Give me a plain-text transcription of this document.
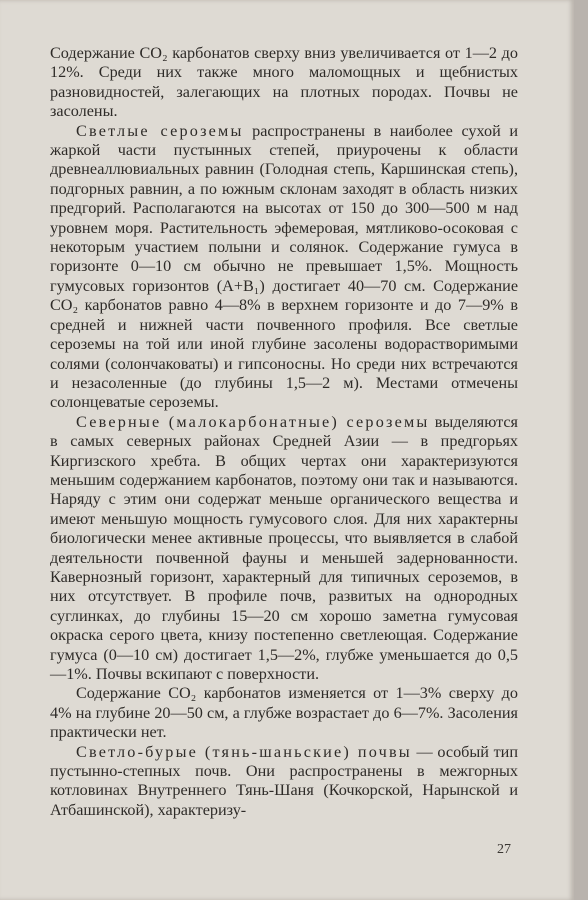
Содержание CO₂ карбонатов сверху вниз увеличивается от 1—2 до 12%. Среди них также много маломощных и щебнистых разновидностей, залегающих на плотных породах. Почвы не засолены.

Светлые сероземы распространены в наиболее сухой и жаркой части пустынных степей, приурочены к области древнеаллювиальных равнин (Голодная степь, Каршинская степь), подгорных равнин, а по южным склонам заходят в область низких предгорий. Располагаются на высотах от 150 до 300—500 м над уровнем моря. Растительность эфемеровая, мятликово-осоковая с некоторым участием полыни и солянок. Содержание гумуса в горизонте 0—10 см обычно не превышает 1,5%. Мощность гумусовых горизонтов (A+B₁) достигает 40—70 см. Содержание CO₂ карбонатов равно 4—8% в верхнем горизонте и до 7—9% в средней и нижней части почвенного профиля. Все светлые сероземы на той или иной глубине засолены водорастворимыми солями (солончаковаты) и гипсоносны. Но среди них встречаются и незасоленные (до глубины 1,5—2 м). Местами отмечены солонцеватые сероземы.

Северные (малокарбонатные) сероземы выделяются в самых северных районах Средней Азии — в предгорьях Киргизского хребта. В общих чертах они характеризуются меньшим содержанием карбонатов, поэтому они так и называются. Наряду с этим они содержат меньше органического вещества и имеют меньшую мощность гумусового слоя. Для них характерны биологически менее активные процессы, что выявляется в слабой деятельности почвенной фауны и меньшей задернованности. Кавернозный горизонт, характерный для типичных сероземов, в них отсутствует. В профиле почв, развитых на однородных суглинках, до глубины 15—20 см хорошо заметна гумусовая окраска серого цвета, книзу постепенно светлеющая. Содержание гумуса (0—10 см) достигает 1,5—2%, глубже уменьшается до 0,5—1%. Почвы вскипают с поверхности.

Содержание CO₂ карбонатов изменяется от 1—3% сверху до 4% на глубине 20—50 см, а глубже возрастает до 6—7%. Засоления практически нет.

Светло-бурые (тянь-шаньские) почвы — особый тип пустынно-степных почв. Они распространены в межгорных котловинах Внутреннего Тянь-Шаня (Кочкорской, Нарынской и Атбашинской), характеризу-

27
